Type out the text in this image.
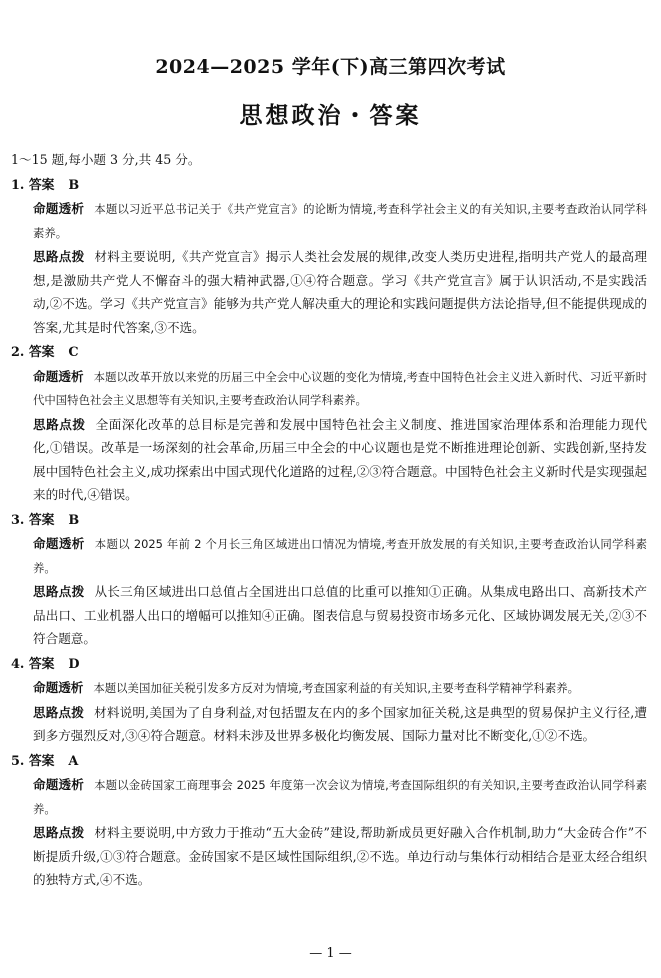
2024—2025 学年(下)高三第四次考试
思想政治・答案

1～15 题,每小题 3 分,共 45 分。

1. 答案 B

命题透析 本题以习近平总书记关于《共产党宣言》的论断为情境,考查科学社会主义的有关知识,主要考查政治认同学科素养。

思路点拨 材料主要说明,《共产党宣言》揭示人类社会发展的规律,改变人类历史进程,指明共产党人的最高理想,是激励共产党人不懈奋斗的强大精神武器,①④符合题意。学习《共产党宣言》属于认识活动,不是实践活动,②不选。学习《共产党宣言》能够为共产党人解决重大的理论和实践问题提供方法论指导,但不能提供现成的答案,尤其是时代答案,③不选。

2. 答案 C

命题透析 本题以改革开放以来党的历届三中全会中心议题的变化为情境,考查中国特色社会主义进入新时代、习近平新时代中国特色社会主义思想等有关知识,主要考查政治认同学科素养。

思路点拨 全面深化改革的总目标是完善和发展中国特色社会主义制度、推进国家治理体系和治理能力现代化,①错误。改革是一场深刻的社会革命,历届三中全会的中心议题也是党不断推进理论创新、实践创新,坚持发展中国特色社会主义,成功探索出中国式现代化道路的过程,②③符合题意。中国特色社会主义新时代是实现强起来的时代,④错误。

3. 答案 B

命题透析 本题以 2025 年前 2 个月长三角区域进出口情况为情境,考查开放发展的有关知识,主要考查政治认同学科素养。

思路点拨 从长三角区域进出口总值占全国进出口总值的比重可以推知①正确。从集成电路出口、高新技术产品出口、工业机器人出口的增幅可以推知④正确。图表信息与贸易投资市场多元化、区域协调发展无关,②③不符合题意。

4. 答案 D

命题透析 本题以美国加征关税引发多方反对为情境,考查国家利益的有关知识,主要考查科学精神学科素养。

思路点拨 材料说明,美国为了自身利益,对包括盟友在内的多个国家加征关税,这是典型的贸易保护主义行径,遭到多方强烈反对,③④符合题意。材料未涉及世界多极化均衡发展、国际力量对比不断变化,①②不选。

5. 答案 A

命题透析 本题以金砖国家工商理事会 2025 年度第一次会议为情境,考查国际组织的有关知识,主要考查政治认同学科素养。

思路点拨 材料主要说明,中方致力于推动“五大金砖”建设,帮助新成员更好融入合作机制,助力“大金砖合作”不断提质升级,①③符合题意。金砖国家不是区域性国际组织,②不选。单边行动与集体行动相结合是亚太经合组织的独特方式,④不选。

— 1 —
